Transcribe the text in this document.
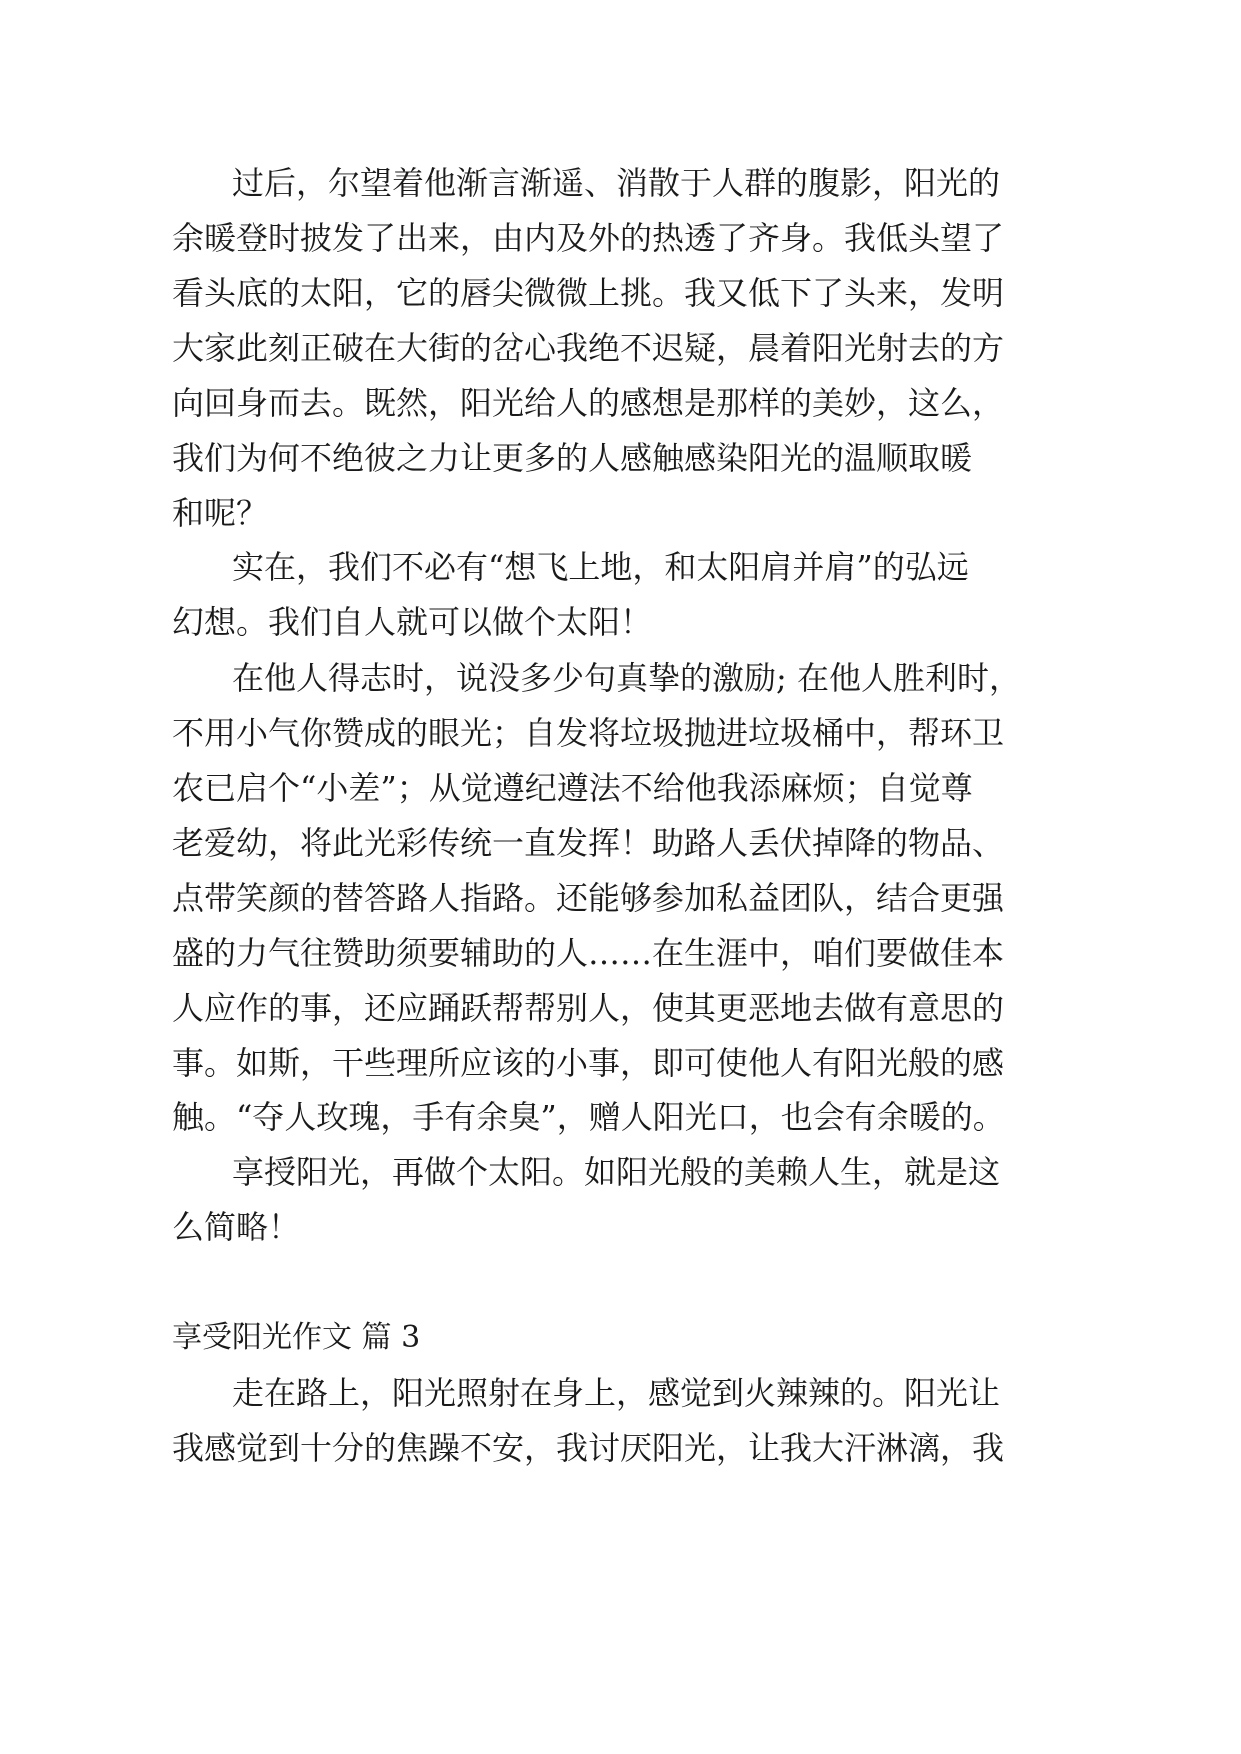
过后，尔望着他渐言渐遥、消散于人群的腹影，阳光的
余暖登时披发了出来，由内及外的热透了齐身。我低头望了
看头底的太阳，它的唇尖微微上挑。我又低下了头来，发明
大家此刻正破在大街的岔心我绝不迟疑，晨着阳光射去的方
向回身而去。既然，阳光给人的感想是那样的美妙，这么，
我们为何不绝彼之力让更多的人感触感染阳光的温顺取暖
和呢？
实在，我们不必有“想飞上地，和太阳肩并肩”的弘远
幻想。我们自人就可以做个太阳！
在他人得志时，说没多少句真挚的激励; 在他人胜利时，
不用小气你赞成的眼光；自发将垃圾抛进垃圾桶中，帮环卫
农已启个“小差”；从觉遵纪遵法不给他我添麻烦；自觉尊
老爱幼，将此光彩传统一直发挥！助路人丢伏掉降的物品、
点带笑颜的替答路人指路。还能够参加私益团队，结合更强
盛的力气往赞助须要辅助的人……在生涯中，咱们要做佳本
人应作的事，还应踊跃帮帮别人，使其更恶地去做有意思的
事。如斯，干些理所应该的小事，即可使他人有阳光般的感
触。“夺人玫瑰，手有余臭”，赠人阳光口，也会有余暖的。
享授阳光，再做个太阳。如阳光般的美赖人生，就是这
么简略！
享受阳光作文 篇 3
走在路上，阳光照射在身上，感觉到火辣辣的。阳光让
我感觉到十分的焦躁不安，我讨厌阳光，让我大汗淋漓，我
